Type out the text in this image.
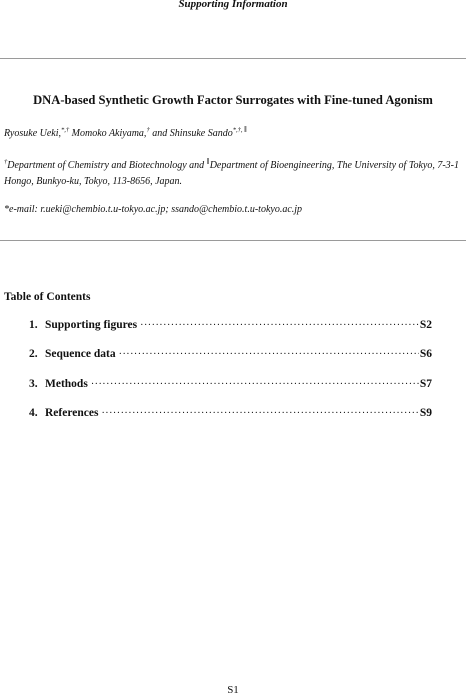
Supporting Information
DNA-based Synthetic Growth Factor Surrogates with Fine-tuned Agonism
Ryosuke Ueki,*,† Momoko Akiyama,† and Shinsuke Sando*,†, ∥
†Department of Chemistry and Biotechnology and ∥Department of Bioengineering, The University of Tokyo, 7-3-1 Hongo, Bunkyo-ku, Tokyo, 113-8656, Japan.
*e-mail: r.ueki@chembio.t.u-tokyo.ac.jp; ssando@chembio.t.u-tokyo.ac.jp
Table of Contents
1. Supporting figures ·····	S2
2. Sequence data ·····	S6
3. Methods ·····	S7
4. References ·····	S9
S1
